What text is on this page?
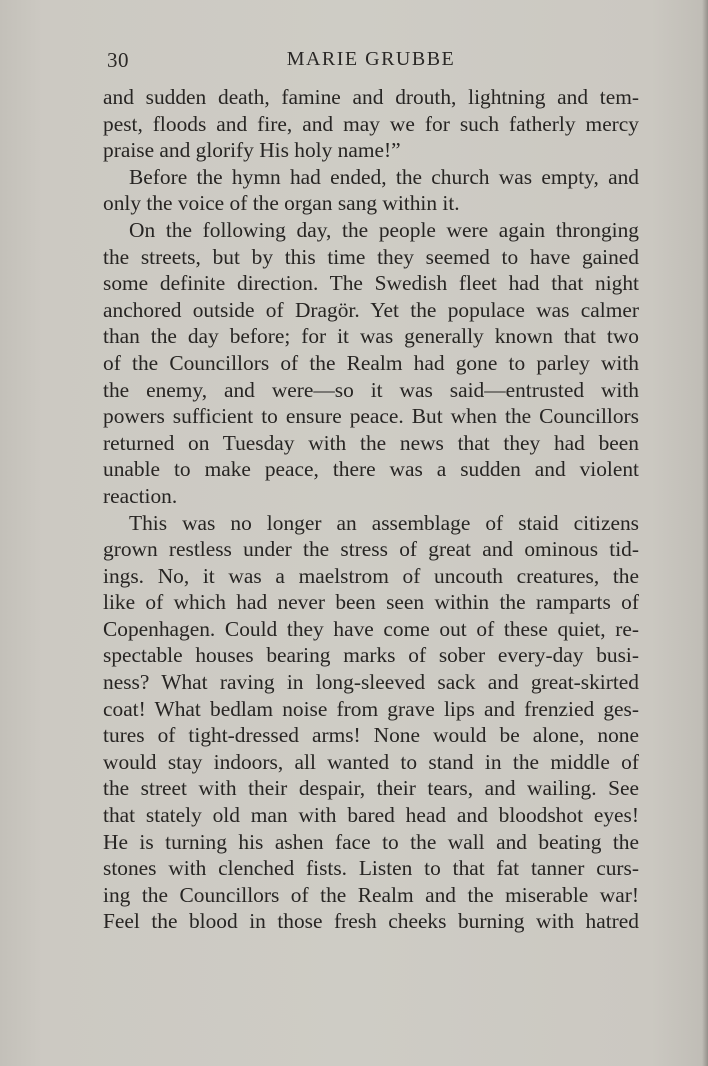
30	MARIE GRUBBE
and sudden death, famine and drouth, lightning and tem-
pest, floods and fire, and may we for such fatherly mercy
praise and glorify His holy name!”
Before the hymn had ended, the church was empty, and
only the voice of the organ sang within it.
On the following day, the people were again thronging
the streets, but by this time they seemed to have gained
some definite direction. The Swedish fleet had that night
anchored outside of Dragör. Yet the populace was calmer
than the day before; for it was generally known that two
of the Councillors of the Realm had gone to parley with
the enemy, and were—so it was said—entrusted with
powers sufficient to ensure peace. But when the Councillors
returned on Tuesday with the news that they had been
unable to make peace, there was a sudden and violent
reaction.
This was no longer an assemblage of staid citizens
grown restless under the stress of great and ominous tid-
ings. No, it was a maelstrom of uncouth creatures, the
like of which had never been seen within the ramparts of
Copenhagen. Could they have come out of these quiet, re-
spectable houses bearing marks of sober every-day busi-
ness? What raving in long-sleeved sack and great-skirted
coat! What bedlam noise from grave lips and frenzied ges-
tures of tight-dressed arms! None would be alone, none
would stay indoors, all wanted to stand in the middle of
the street with their despair, their tears, and wailing. See
that stately old man with bared head and bloodshot eyes!
He is turning his ashen face to the wall and beating the
stones with clenched fists. Listen to that fat tanner curs-
ing the Councillors of the Realm and the miserable war!
Feel the blood in those fresh cheeks burning with hatred
